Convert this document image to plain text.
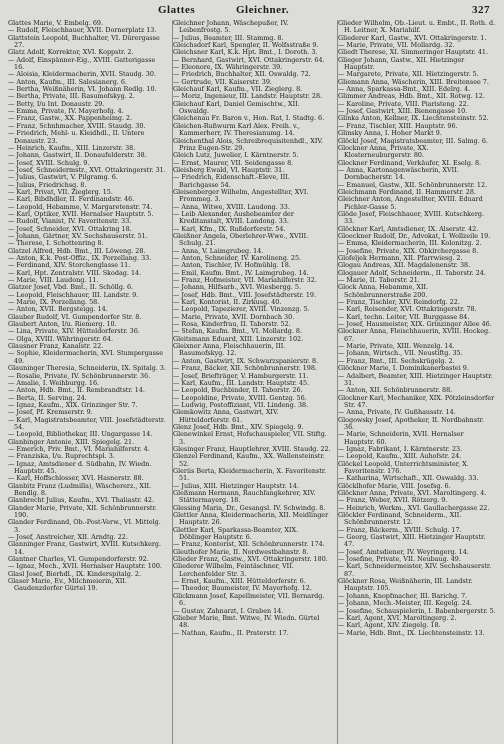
Glattes	Gleichner.	327

Glattes Marie, V. Embelg. 69.

— Rudolf, Fleischhauer, XVII. Dornerplatz 13.

Glattstein Leopold, Buchhalter, VI. Dürergasse 27.

Glatz Adolf, Korrektor, XVI. Koppstr. 2.

— Adolf, Einspänner-Eig., XVIII. Gatterigasse 16.

— Aloisia, Kleidermacherin, XVII. Staudg. 30.

— Anton, Kaufm., III. Salesianerg. 6.

— Bertha, Weißnäherin, VI. Johann Redlg. 10.

— Bertha, Private, III. Rasumofskyg. 2.

— Betty, I/u Int. Donaustr. 29.

— Emma, Private, IV. Mayerhofg. 4.

— Franz, Gastw., XX. Pappenheimg. 2.

— Franz, Schnhmacher, XVIII. Staudg. 30.

— Friedrich, Mehl- u. Kleidhdl., II. Untere Donaustr. 23.

— Heinrich, Kaufm., XIII. Linzerstr. 38.

— Johann, Gastwirt, II. Donaufelderstr. 38.

— Josef, XVIII. Schulg. 9.

— Josef, Schneidermstr., XVI. Ottakringerstr. 31.

— Julius, Gastwirt, V. Pilgramg. 6.

— Julius, Friedrichsg. 8.

— Karl, Privat, VII. Zieglerg. 15.

— Karl, Bibdhdler, II. Ferdinandstr. 46.

— Leopold, Hebamme, V. Margaretenstr. 74.

— Karl, Optiker, XVII. Hernalser Hauptstr. 5.

— Rudolf, Vianist, IV. Favoritenstr. 33.

— Josef, Schneider, XVI. Ottakring 18.

— Johann, Gärtner, XV. Sechshauserstr. 51.

— Therese, I. Schottenring 8.

Glatzel Alfred, Hdb. Bmt., III. Löweng. 28.

— Anton, K.k. Post-Offiz., IX. Porzellang. 33.

— Ferdinand, XIV. Storchenglasse 11.

— Karl, Hpt. Zentralstr. VIII. Skodag. 14.

— Marie, VIII. Laudong. 11.

Glatzer Josef, Vbd. Bmt., II. Schöllg. 6.

— Leopold, Fleischhauer, III. Landstr. 9.

— Marie, IX. Porzellang. 58.

— Anton, XVII. Bergsteigg. 14.

Glauber Rudolf, VI. Gumpendorfer Str. 8.

Glaubert Anton, I/u. Riemerg. 10.

— Lina, Private, XIV. Hütteldorferstr. 36.

— Olga, XVIII. Währingerstr. 64.

Glausner Franz, Kanalstr. 22.

— Sophie, Kleidermacherin, XVI. Stumpergasse 49.

Glauninger Theresia, Schneiderin, IX. Spitalg. 3.

— Rosalie, Private, IV. Schönbrunnerstr. 36.

— Amalie, I. Weihburgg. 16.

— Anton, Hdb. Bmt., II. Rembrandtstr. 14.

— Berta, II. Serving. 24.

— Ignaz, Kaufm., XIX. Grinzinger Str. 7.

— Josef, Pf. Kremserstr. 9.

— Karl, Magistratsbeamter, VIII. Josefstädterstr. 54.

— Leopold, Bibliothekar, III. Ungargasse 14.

Glanbinger Antonie, XIII. Spiegelg. 21.

— Emerich, Priv. Bmt., VI. Mariahilferstr. 4.

— Franziska, I/u. Ruprechtspl. 3.

— Ignaz, Amtsdiener d. Südbahn, IV. Wiedn. Hauptstr. 45.

— Karl, Hoffschlosser, XVI. Hasnerstr. 88.

Glanbitz Franz (Ludmilla), Wäschererz., XII. Bendlg. 8.

Glanbrecht Julius, Kaufm., XVI. Thaliastr. 42.

Glander Marie, Private, XII. Schönbrunnerstr. 190.

Glander Ferdinand, Ob.-Post-Verw., VI. Mittelg. 3.

— Josef, Anstreicher, XII. Arndtg. 22.

Glanninger Franz, Gastwirt, XVIII. Kutschkerg. 14.

Glantner Charles, VI. Gumpendorferstr. 92.

— Ignaz, Mech., XVII. Hernalser Hauptstr. 100.

Glasl Josef, Bierhdl., IX. Kinderspitalg. 2.

Glaser Marie, Ev., Milchmeierin, XII. Gaudenzdorfer Gürtel 19.

Gleichner Johann, Wäschepußer, IV. Leibenfrostg. 5.

— Julius, Beamter, III. Stammg. 8.

Gleichsdorf Karl, Spengler, II. Wolfsstraße 9.

Gleichsner Karl, K.k. Hpt. Bmt., I. Doroth. 3.

— Bernhard, Gastwirt, XVI. Ottakringerstr. 64.

— Eleonore, IX. Währingerstr. 39.

— Friedrich, Buchhalter, XII. Oswaldg. 72.

— Gertrude, VII. Kaiserstr. 39.

Gleichauf Karl, Kaufm., VII. Zieglerg. 8.

— Moriz, Ingenieur, III. Landstr. Hauptstr. 28.

Gleichauf Karl, Daniel Gemischtw., XII. Oswaldg.

Gleichenau Fr. Baron v., Hon. Rat, I. Stadtg. 6.

Gleichen-Rußwurm Karl Alex. Freih. v., Kammerherr, IV. Theresianumg. 14.

Gleichenthal Alois, Schreibrequisitenhdl., XIV. Prinz Eugen-Str. 29.

Gleich Lutz, Juwelier, I. Kärntnerstr. 5.

— Ernst, Maurer, VII. Seidengasse 8.

Gleisberg Ewald, VI. Hauptstr. 31.

— Friedrich, Eidenschaft.-Eleve, III. Barichgasse 54.

Gleisenberger Wilhelm, Angestellter, XVI. Frommeg. 3.

— Anna, Witwe, XVIII. Laudong. 33.

— Leib Alexander, Aushebeamter der Kreditanstalt, XVIII. Landong. 33.

— Karl, Kfm., IX. Rußdorferstr. 54.

Gleißner Angela, Oberlehrer-Wwe., XVIII. Schulg. 21.

— Anna, V. Laimgrubeg. 14.

— Anton, Schneider, IV. Karolineng. 25.

— Anton, Tischler, IV. Hofmühlg. 18.

— Emil, Kaufm. Bmt., IV. Laimgrubeg. 14.

— Franz, Hofmeister, VII. Mariahilferstr. 32.

— Johann, Hilfsarb., XVI. Wiesbergg. 5.

— Josef, Hdb. Bmt., VIII. Josefstädterstr. 19.

— Karl, Kontorist, II. Zirkusg. 40.

— Leopold, Tapezierer, XVIII. Vinzenzg. 5.

— Marie, Private, XVII. Dornbach 30.

— Rosa, Kinderfrau, II. Taborstr. 52.

— Stefan, Kaufm. Bmt., VI. Mollardg. 8.

Gleitsmann Eduard, XIII. Linzerstr. 102.

Gleixner Anna, Fleischhauerin, III. Rasumofskyg. 12.

— Anton, Gastwirt, IX. Schwarzspanierstr. 8.

— Franz, Bäcker, XII. Schönbrunnerstr. 198.

— Josef, Briefträger, V. Hamburgerstr. 11.

— Karl, Kaufm., III. Landstr. Hauptstr. 45.

— Leopold, Buchbinder, II. Taborstr. 26.

— Leopoldine, Private, XVIII. Gentzg. 56.

— Ludwig, Postoffiziant, VII. Lindeng. 38.

Glemkowitz Anna, Gastwirt, XIV. Hütteldorferstr. 61.

Glenz Josef, Hdb. Bmt., XIV. Spiegelg. 9.

Glenewinkel Ernst, Hofschauspieler, VII. Stiftg. 3.

Glesinger Franz, Hauptlehrer, XVIII. Staudg. 22.

Glenzel Ferdinand, Kaufm., XX. Wallensteinstr. 52.

Gleriis Berta, Kleidermacherin, X. Favoritenstr. 51.

— Julius, XIII. Hietzinger Hauptstr. 14.

Gleßmann Hermann, Rauchfangkehrer, XIV. Stättermayerg. 18.

Glessing Maria, Dr., Gesangsl. IV. Schwindg. 8.

Glettler Anna, Kleidermacherin, XII. Meidlinger Hauptstr. 26.

Glettler Karl, Sparkassa-Beamter, XIX. Döblinger Hauptstr. 6.

— Franz, Kontorist, XII. Schönbrunnerstr. 174.

Gleuthofer Marie, II. Nordwestbahnstr. 8.

Glieder Franz, Gastw., XVI. Ottakringerstr. 180.

Gliederer Wilhelm, Feintäschner, VII. Lerchenfelder Str. 3.

— Ernst, Kaufm., XIII. Hütteldorferstr. 6.

— Theodor, Baumeister, IV. Mayerhofg. 12.

Glickmann Josef, Kapellmeister, VII. Bernardg. 6.

— Gustav, Zahnarzt, I. Graben 14.

Glieber Marie, Bmt. Witwe, IV. Wiedn. Gürtel 48.

— Nathan, Kaufm., II. Praterstr. 17.

Glieder Wilhelm, Ob.-Lieut. u. Embt., II. Roth. d. H. Leitner, X. Mariahilf.

Gliederer Karl, Gastw., XVI. Ottakringerstr. 1.

— Marie, Private, VII. Mollardg. 32.

Gliedt Therese, XI. Simmeringer Hauptstr. 41.

Glieger Johann, Gastw., XII. Hietzinger Hauptstr.

— Margarete, Private, XII. Hietzingerstr. 5.

Gliemann Anna, Wäscherin, XIII. Breitensee 7.

— Anna, Sparkassa-Bmt., XIII. Edelrg. 4.

Glimmer Andreas, Hdb. Bmt., XII. Rotwg. 12.

— Karoline, Private, VIII. Piaristeng. 22.

— Josef, Gastwirt, XIII. Bienengasse 10.

Glinka Anton, Kellner, IX. Liechtensteinstr. 52.

— Franz, Tischler, XIII. Hauptstr. 96.

Glinsky Anna, I. Hoher Markt 9.

Glöckl Josef, Magistratsbeamter, III. Salmg. 6.

Glockner Anna, Private, XX. Klosterneuburgerstr. 80.

Glockner Ferdinand, Verkäufer, XI. Eselg. 8.

— Anna, Kartonagenwäscherin, XVII. Dornbacherstr. 14.

— Emanuel, Gastw., XII. Schönbrunnerstr. 12.

Gleichmann Ferdinand, II. Hammerstr. 28.

Gleichner Anton, Angestellter, XVIII. Eduard Pichler-Gasse 5.

Glöde Josef, Fleischhauer, XVIII. Kutschkerg. 33.

Glöckner Karl, Amtsdiener, IX. Alserstr. 42.

Gloeckner Rudolf, Dr., Advokat, I. Wollzeile 19.

— Emma, Kleidermacherin, III. Kolonitzg. 2.

— Josefine, Private, XIX. Obkirchergasse 8.

Glofeljek Hermann, XII. Pfarrwiesg. 2.

Glogau Andreas, XII. Magdalenenstr. 38.

Glogauer Adolf, Schneiderm., II. Taborstr. 24.

— Marie, II. Taborstr. 21.

Glock Anna, Hebamme, XII. Schönbrunnerstraße 200.

— Franz, Tischler, XIV. Reindorfg. 22.

— Karl, Reisender, XVI. Ottakringerstr. 78.

— Karl, techn. Leiter, VII. Burggasse 84.

— Josef, Hausmeister, XIX. Grinzinger Allee 46.

Glockner Anna, Fleischhauerin, XVIII. Hockeg. 67.

— Marie, Private, XIII. Wenzelg. 14.

— Johann, Wirtsch., VII. Neustiftg. 35.

— Franz, Bmt., III. Sechskrügelg. 2.

Glöckner Marie, I. Dominikanerbastei 9.

— Adalbert, Beamter, XIII. Hietzinger Hauptstr. 31.

— Anton, XII. Schönbrunnerstr. 88.

Glockner Karl, Mechaniker, XIX. Pötzleinsdorfer Str. 47.

— Anna, Private, IV. Gußhausstr. 14.

Glogowsky Josef, Apotheker, II. Nordbahnstr. 36.

— Marie, Schneiderin, XVII. Hernalser Hauptstr. 60.

— Ignaz, Fabrikant, I. Kärntnerstr. 23.

— Leopold, Kaufm., XIII. Auhofstr. 24.

Glöckel Leopold, Unterrichtsminister, X. Favoritenstr. 176.

— Katharina, Wirtschaft., XII. Oswaldg. 33.

Glöcklhofer Marie, VIII. Josefsg. 6.

Glöckner Anna, Private, XVI. Maroltingerg. 4.

— Franz, Weber, XVII. Rötzerg. 9.

— Heinrich, Werkm., XVI. Gaullachergasse 22.

Glöckler Ferdinand, Schneiderm., XII. Schönbrunnerstr. 12.

— Franz, Bäckerm., XVIII. Schulg. 17.

— Georg, Gastwirt, XIII. Hietzinger Hauptstr. 47.

— Josef, Amtsdiener, IV. Weyringerg. 14.

— Josefine, Private, VII. Neubaug. 49.

— Karl, Schneidermeister, XIV. Sechshauserstr. 87.

Glöckner Rosa, Weißnäherin, III. Landstr. Hauptstr. 105.

— Johann, Knopfmacher, III. Barichg. 7.

— Johann, Mech.-Meister, III. Kegelg. 24.

— Josefine, Schauspielerin, I. Babenbergerstr. 5.

— Karl, Agent, XVI. Maroltingerg. 2.

— Karl, Agent, XIV. Ziegelg. 18.

— Marie, Hdb. Bmt., IX. Liechtensteinstr. 13.
